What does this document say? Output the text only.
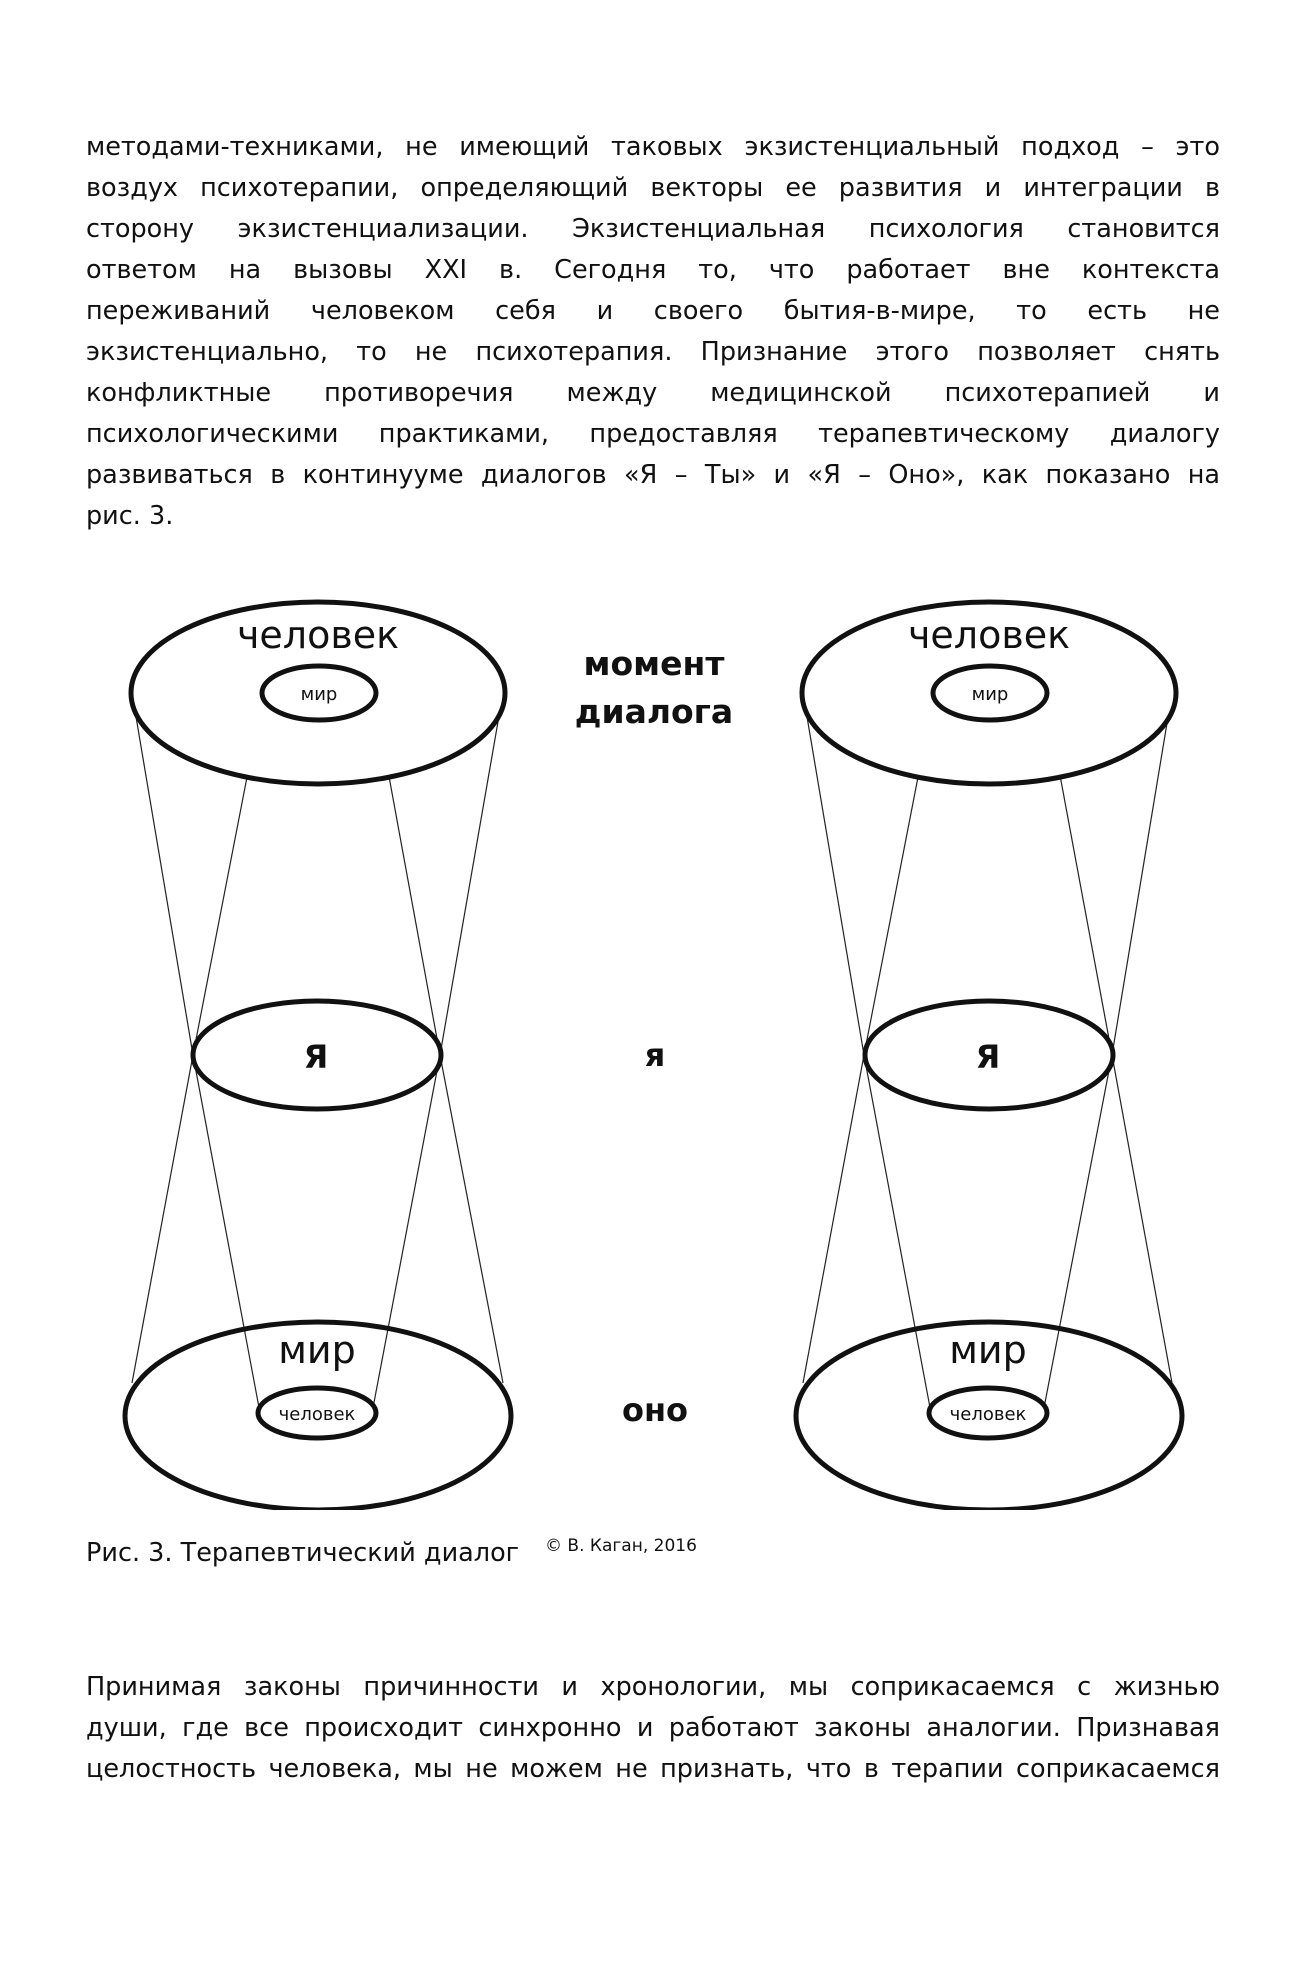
методами-техниками, не имеющий таковых экзистенциальный подход – это
воздух психотерапии, определяющий векторы ее развития и интеграции в
сторону экзистенциализации. Экзистенциальная психология становится
ответом на вызовы XXI в. Сегодня то, что работает вне контекста
переживаний человеком себя и своего бытия-в-мире, то есть не
экзистенциально, то не психотерапия. Признание этого позволяет снять
конфликтные противоречия между медицинской психотерапией и
психологическими практиками, предоставляя терапевтическому диалогу
развиваться в континууме диалогов «Я – Ты» и «Я – Оно», как показано на
рис. 3.
человек
мир
Я
мир
человек
человек
мир
Я
мир
человек
момент
диалога
я
оно
Рис. 3. Терапевтический диалог © В. Каган, 2016
Принимая законы причинности и хронологии, мы соприкасаемся с жизнью
души, где все происходит синхронно и работают законы аналогии. Признавая
целостность человека, мы не можем не признать, что в терапии соприкасаемся
